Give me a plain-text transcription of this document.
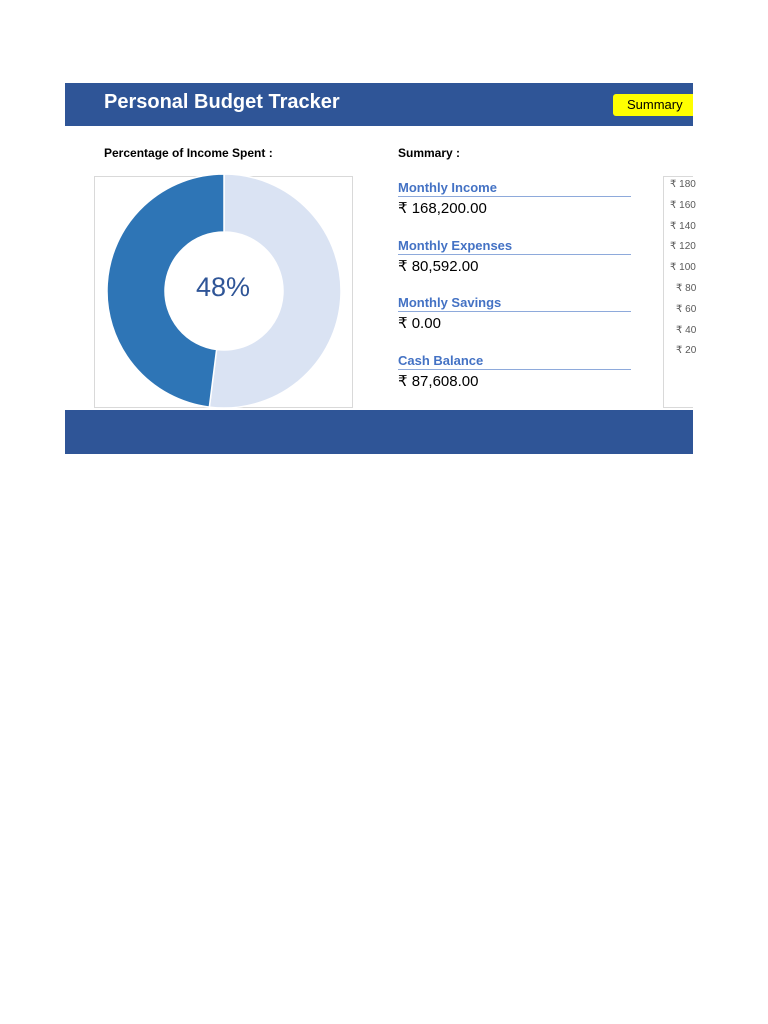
Personal Budget Tracker	Summary
Percentage of Income Spent :	Summary :
48%
Monthly Income
₹ 168,200.00
Monthly Expenses
₹ 80,592.00
Monthly Savings
₹ 0.00
Cash Balance
₹ 87,608.00
₹ 180
₹ 160
₹ 140
₹ 120
₹ 100
₹ 80
₹ 60
₹ 40
₹ 20
